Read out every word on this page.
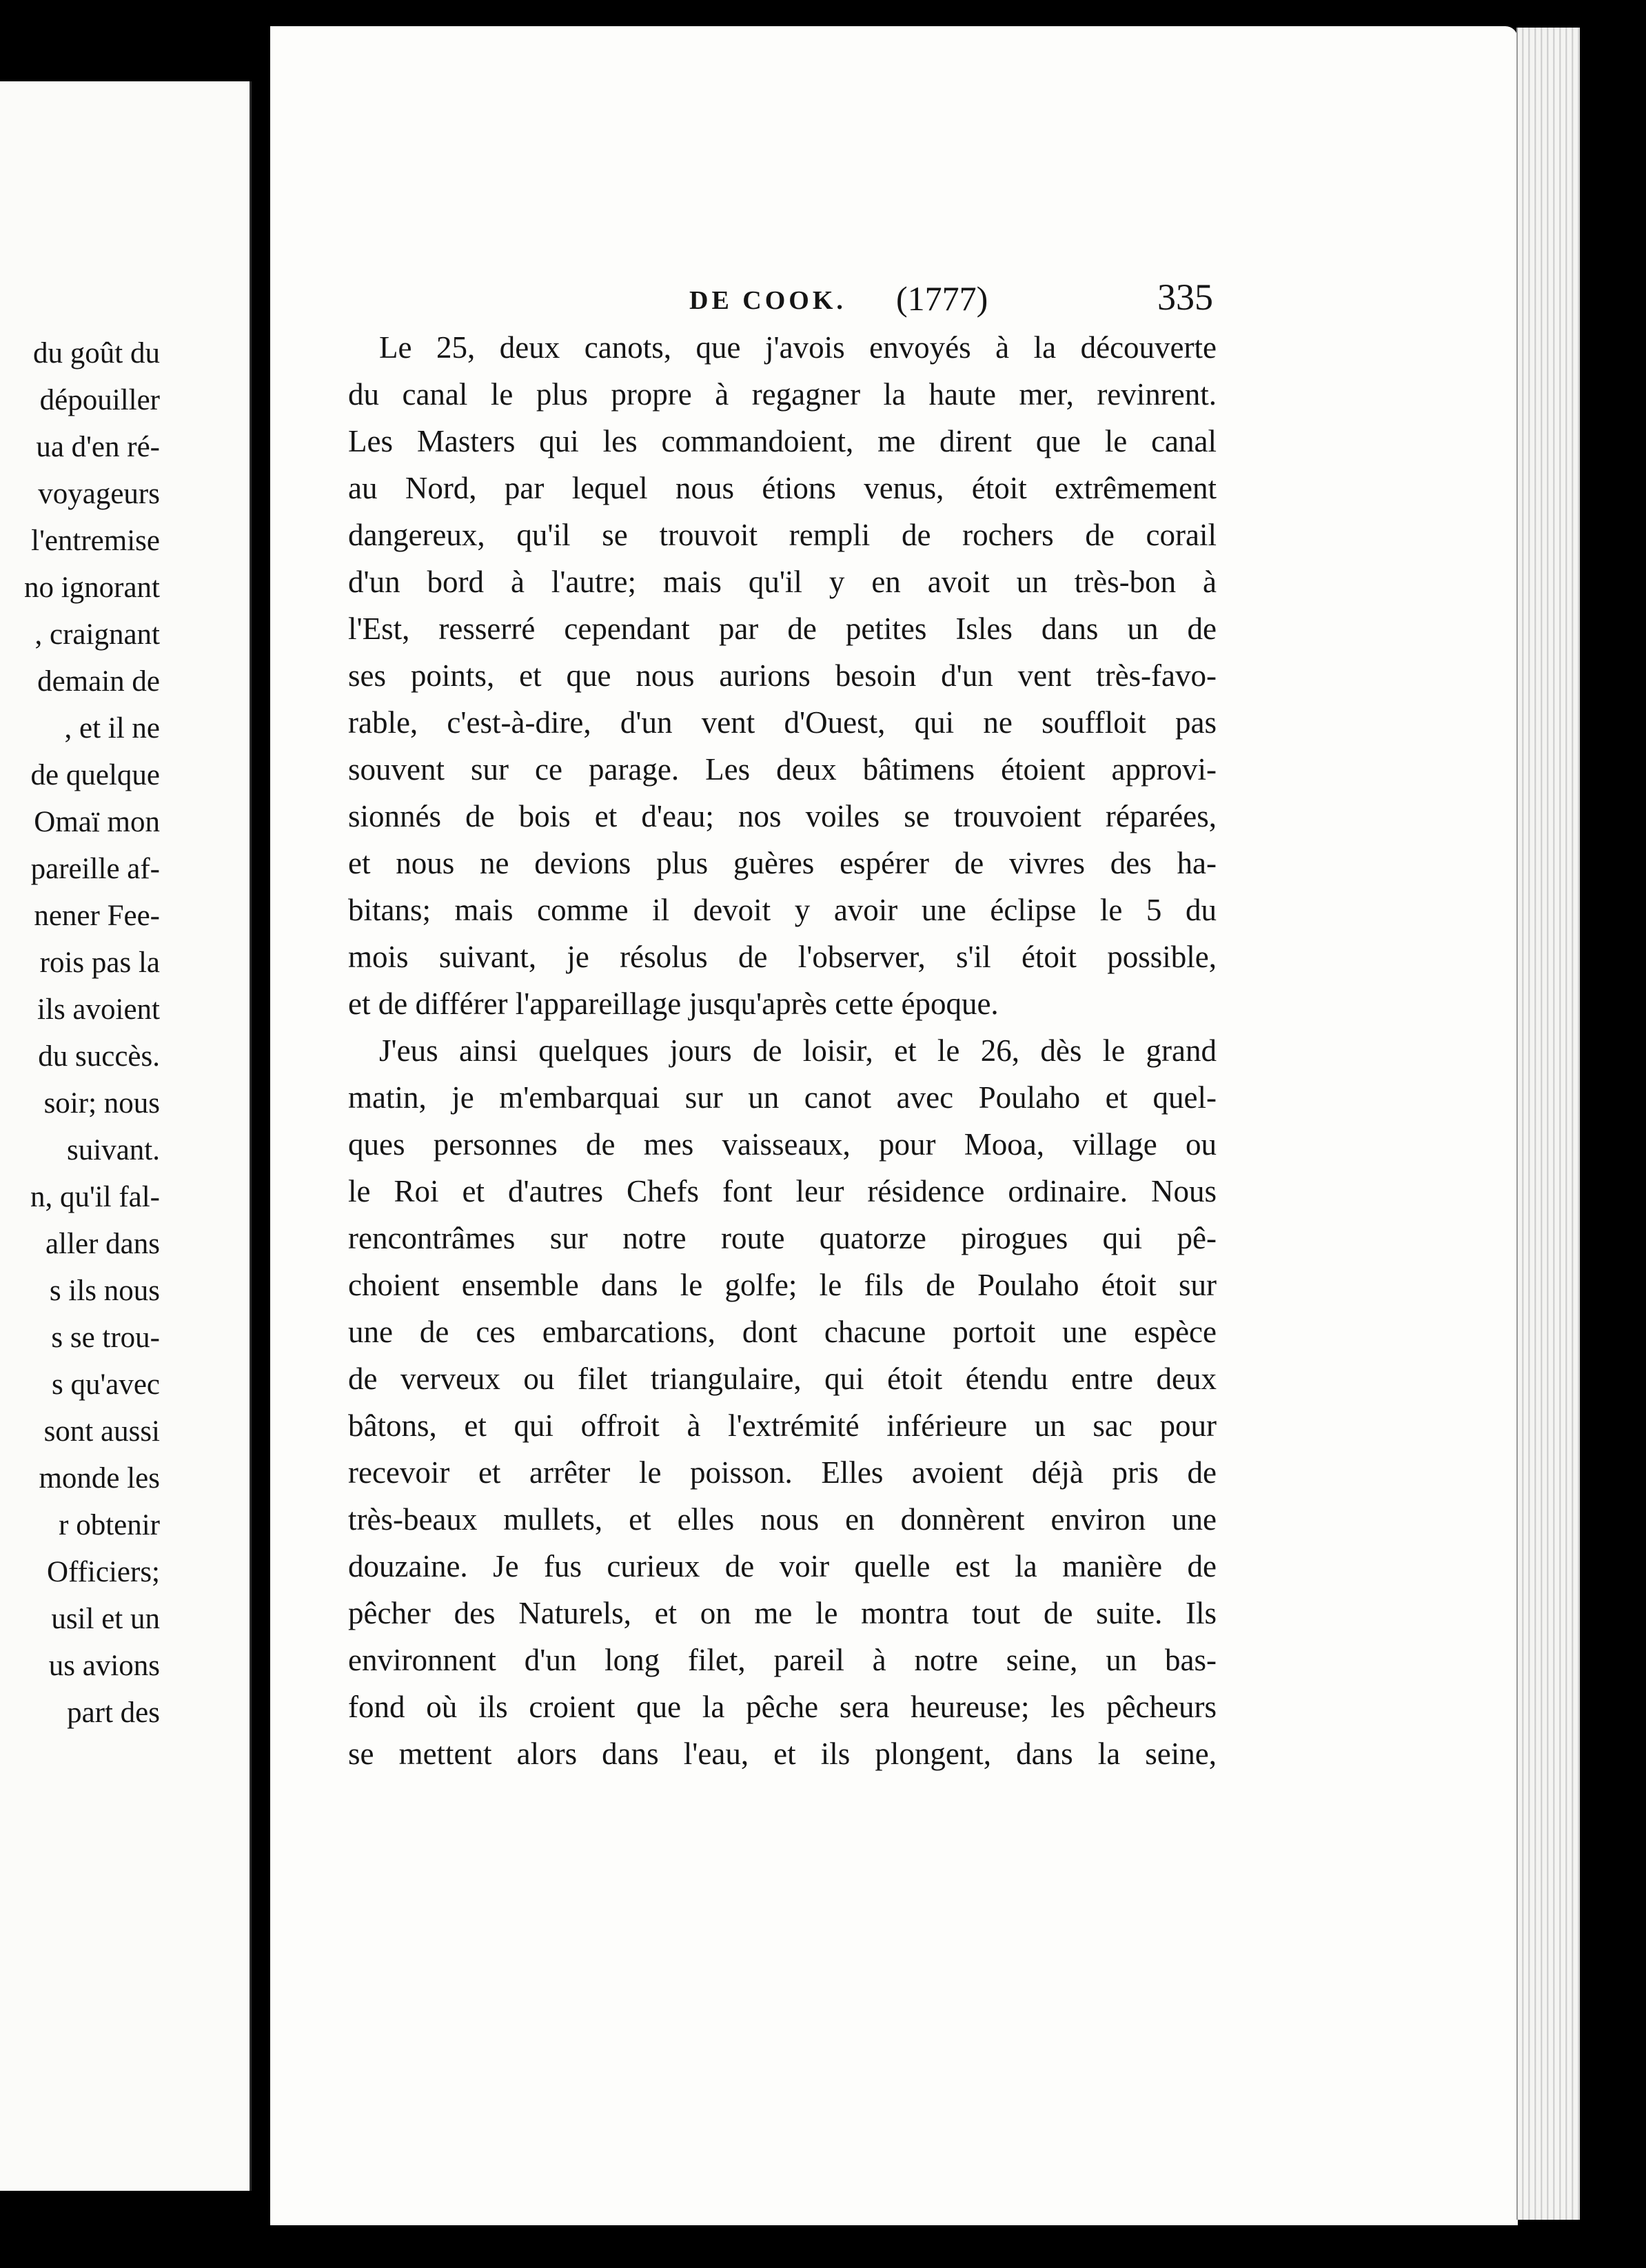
du goût du
dépouiller
ua d'en ré-
voyageurs
l'entremise
no ignorant
, craignant
demain de
, et il ne
de quelque
Omaï mon
pareille af-
nener Fee-
rois pas la
ils avoient
du succès.
soir; nous
suivant.
n, qu'il fal-
aller dans
s ils nous
s se trou-
s qu'avec
sont aussi
monde les
r obtenir
Officiers;
usil et un
us avions
part des
DE COOK. (1777)	335
Le 25, deux canots, que j'avois envoyés à la découverte
du canal le plus propre à regagner la haute mer, revinrent.
Les Masters qui les commandoient, me dirent que le canal
au Nord, par lequel nous étions venus, étoit extrêmement
dangereux, qu'il se trouvoit rempli de rochers de corail
d'un bord à l'autre; mais qu'il y en avoit un très-bon à
l'Est, resserré cependant par de petites Isles dans un de
ses points, et que nous aurions besoin d'un vent très-favo-
rable, c'est-à-dire, d'un vent d'Ouest, qui ne souffloit pas
souvent sur ce parage. Les deux bâtimens étoient approvi-
sionnés de bois et d'eau; nos voiles se trouvoient réparées,
et nous ne devions plus guères espérer de vivres des ha-
bitans; mais comme il devoit y avoir une éclipse le 5 du
mois suivant, je résolus de l'observer, s'il étoit possible,
et de différer l'appareillage jusqu'après cette époque.
J'eus ainsi quelques jours de loisir, et le 26, dès le grand
matin, je m'embarquai sur un canot avec Poulaho et quel-
ques personnes de mes vaisseaux, pour Mooa, village ou
le Roi et d'autres Chefs font leur résidence ordinaire. Nous
rencontrâmes sur notre route quatorze pirogues qui pê-
choient ensemble dans le golfe; le fils de Poulaho étoit sur
une de ces embarcations, dont chacune portoit une espèce
de verveux ou filet triangulaire, qui étoit étendu entre deux
bâtons, et qui offroit à l'extrémité inférieure un sac pour
recevoir et arrêter le poisson. Elles avoient déjà pris de
très-beaux mullets, et elles nous en donnèrent environ une
douzaine. Je fus curieux de voir quelle est la manière de
pêcher des Naturels, et on me le montra tout de suite. Ils
environnent d'un long filet, pareil à notre seine, un bas-
fond où ils croient que la pêche sera heureuse; les pêcheurs
se mettent alors dans l'eau, et ils plongent, dans la seine,
